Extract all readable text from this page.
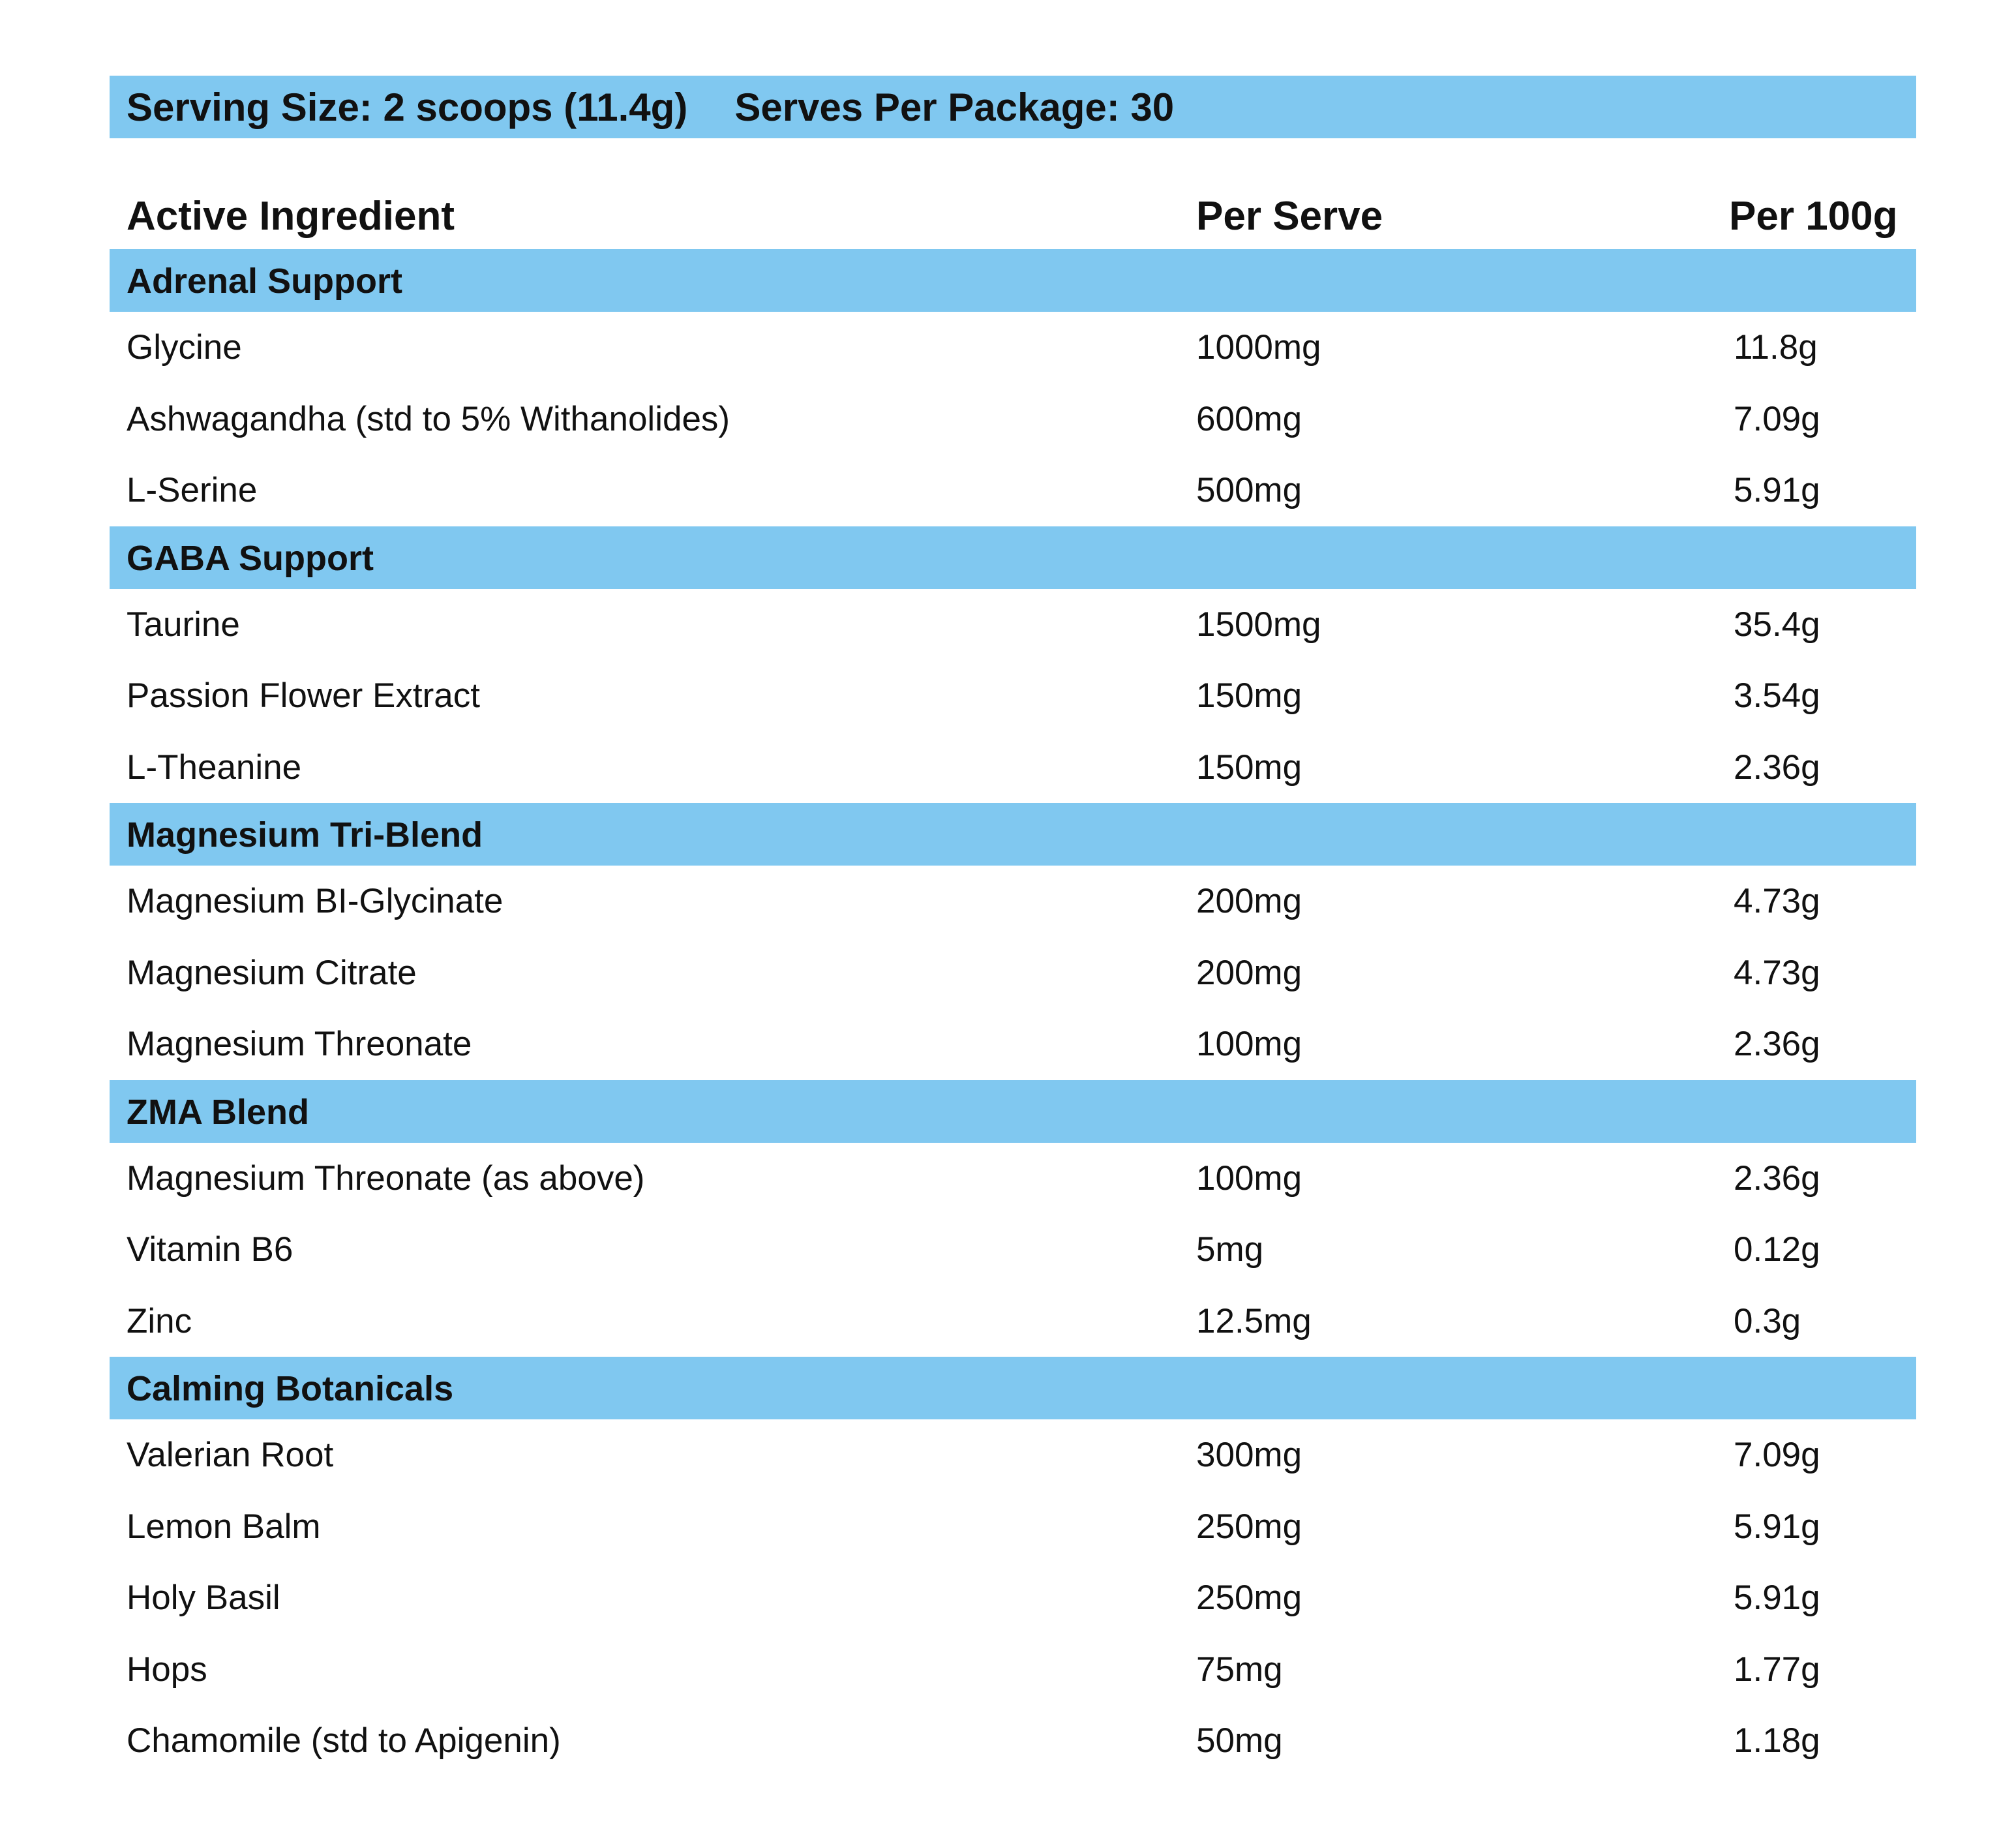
Serving Size: 2 scoops (11.4g) Serves Per Package: 30
Active Ingredient	Per Serve	Per 100g
Adrenal Support
Glycine	1000mg	11.8g
Ashwagandha (std to 5% Withanolides)	600mg	7.09g
L-Serine	500mg	5.91g
GABA Support
Taurine	1500mg	35.4g
Passion Flower Extract	150mg	3.54g
L-Theanine	150mg	2.36g
Magnesium Tri-Blend
Magnesium BI-Glycinate	200mg	4.73g
Magnesium Citrate	200mg	4.73g
Magnesium Threonate	100mg	2.36g
ZMA Blend
Magnesium Threonate (as above)	100mg	2.36g
Vitamin B6	5mg	0.12g
Zinc	12.5mg	0.3g
Calming Botanicals
Valerian Root	300mg	7.09g
Lemon Balm	250mg	5.91g
Holy Basil	250mg	5.91g
Hops	75mg	1.77g
Chamomile (std to Apigenin)	50mg	1.18g
